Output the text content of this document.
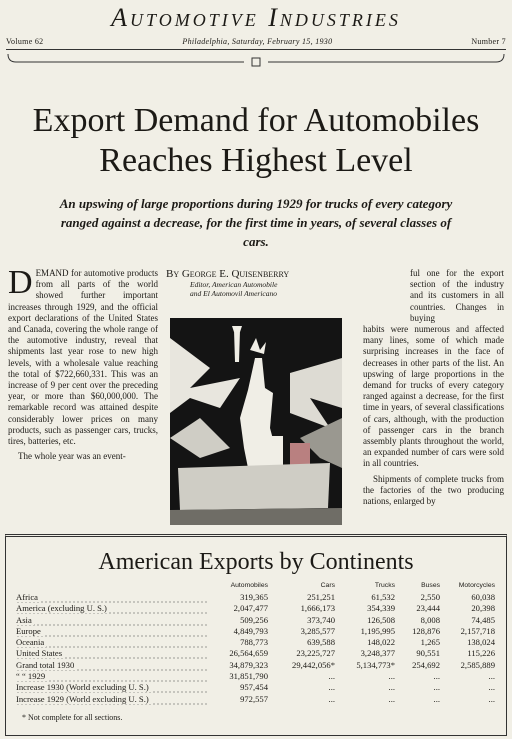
Automotive Industries
Volume 62	Philadelphia, Saturday, February 15, 1930	Number 7
Export Demand for Automobiles
Reaches Highest Level
An upswing of large proportions during 1929 for trucks of every category ranged against a decrease, for the first time in years, of several classes of cars.
DEMAND for automotive products from all parts of the world showed further important increases through 1929, and the official export declarations of the United States and Canada, covering the whole range of the automotive industry, reveal that shipments last year rose to new high levels, with a wholesale value reaching the total of $722,660,331. This was an increase of 9 per cent over the preceding year, or more than $60,000,000. The remarkable record was attained despite considerably lower prices on many products, such as passenger cars, trucks, tires, batteries, etc.
The whole year was an event-
By George E. Quisenberry
Editor, American Automobile
and El Automovil Americano
ful one for the export section of the industry and its customers in all countries. Changes in buying
habits were numerous and affected many lines, some of which made surprising increases in the face of decreases in other parts of the list. An upswing of large proportions in the demand for trucks of every category ranged against a decrease, for the first time in years, of several classifications of cars, although, with the production of passenger cars in the branch assembly plants throughout the world, an expanded number of cars were sold in all countries.
Shipments of complete trucks from the factories of the two producing nations, enlarged by
American Exports by Continents
Automobiles	Cars	Trucks	Buses	Motorcycles
Africa	319,365	251,251	61,532	2,550	60,038
America (excluding U. S.)	2,047,477	1,666,173	354,339	23,444	20,398
Asia	509,256	373,740	126,508	8,008	74,485
Europe	4,849,793	3,285,577	1,195,995	128,876	2,157,718
Oceania	788,773	639,588	148,022	1,265	138,024
United States	26,564,659	23,225,727	3,248,377	90,551	115,226
Grand total 1930	34,879,323	29,442,056*	5,134,773*	254,692	2,585,889
“ “ 1929	31,851,790	...	...	...	...
Increase 1930 (World excluding U. S.)	957,454	...	...	...	...
Increase 1929 (World excluding U. S.)	972,557	...	...	...	...
* Not complete for all sections.
